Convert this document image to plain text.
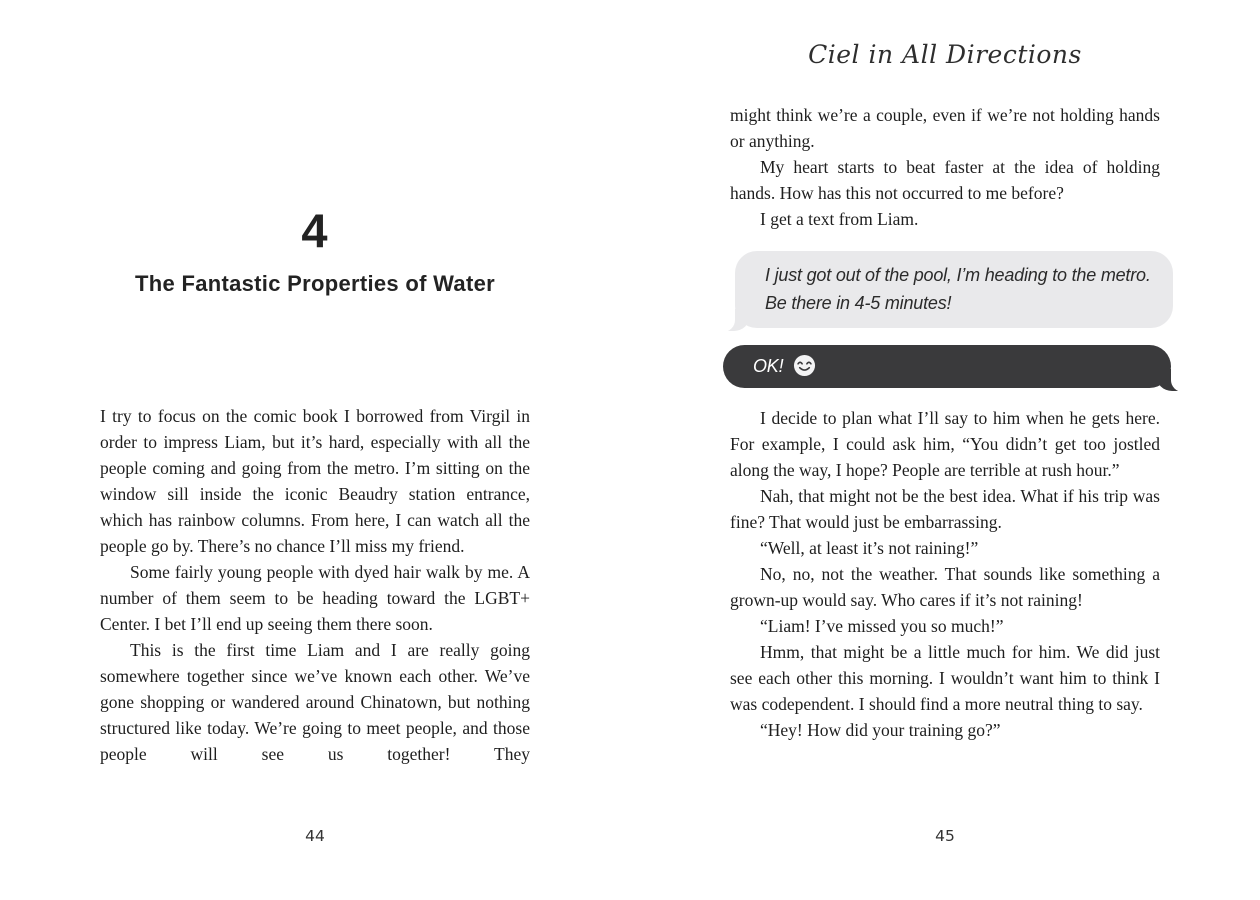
4
The Fantastic Properties of Water

I try to focus on the comic book I borrowed from Virgil in order to impress Liam, but it’s hard, especially with all the people coming and going from the metro. I’m sitting on the window sill inside the iconic Beaudry station entrance, which has rainbow columns. From here, I can watch all the people go by. There’s no chance I’ll miss my friend.

Some fairly young people with dyed hair walk by me. A number of them seem to be heading toward the LGBT+ Center. I bet I’ll end up seeing them there soon.

This is the first time Liam and I are really going somewhere together since we’ve known each other. We’ve gone shopping or wandered around Chinatown, but nothing structured like today. We’re going to meet people, and those people will see us together! They

44
Ciel in All Directions

might think we’re a couple, even if we’re not holding hands or anything.

My heart starts to beat faster at the idea of holding hands. How has this not occurred to me before?

I get a text from Liam.

I just got out of the pool, I’m heading to the metro. Be there in 4-5 minutes!
OK!

I decide to plan what I’ll say to him when he gets here. For example, I could ask him, “You didn’t get too jostled along the way, I hope? People are terrible at rush hour.”

Nah, that might not be the best idea. What if his trip was fine? That would just be embarrassing.

“Well, at least it’s not raining!”

No, no, not the weather. That sounds like something a grown-up would say. Who cares if it’s not raining!

“Liam! I’ve missed you so much!”

Hmm, that might be a little much for him. We did just see each other this morning. I wouldn’t want him to think I was codependent. I should find a more neutral thing to say.

“Hey! How did your training go?”

45
